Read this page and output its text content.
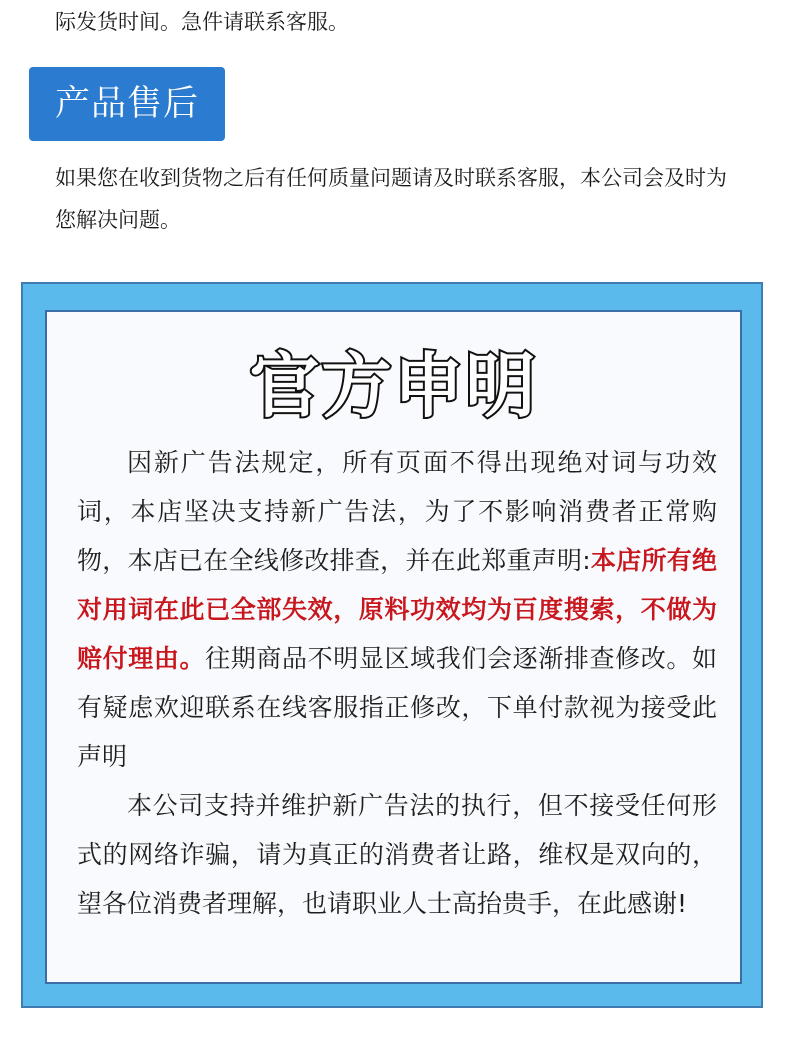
际发货时间。急件请联系客服。
产品售后
如果您在收到货物之后有任何质量问题请及时联系客服，本公司会及时为您解决问题。
官方申明

因新广告法规定，所有页面不得出现绝对词与功效词，本店坚决支持新广告法，为了不影响消费者正常购物，本店已在全线修改排查，并在此郑重声明:本店所有绝对用词在此已全部失效，原料功效均为百度搜索，不做为赔付理由。往期商品不明显区域我们会逐渐排查修改。如有疑虑欢迎联系在线客服指正修改，下单付款视为接受此声明

本公司支持并维护新广告法的执行，但不接受任何形式的网络诈骗，请为真正的消费者让路，维权是双向的，望各位消费者理解，也请职业人士高抬贵手，在此感谢!
